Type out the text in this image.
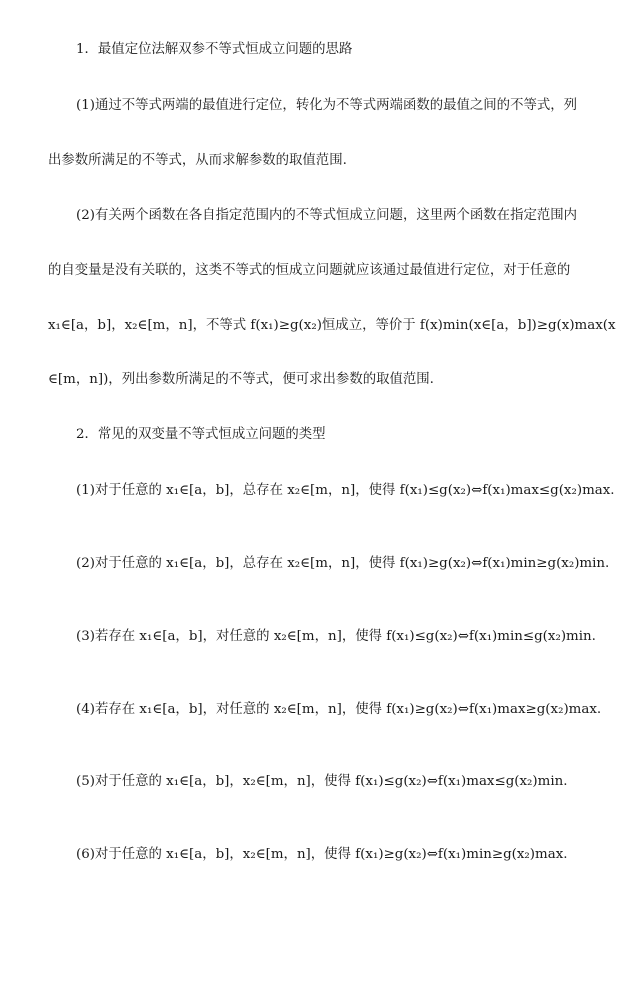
1．最值定位法解双参不等式恒成立问题的思路
(1)通过不等式两端的最值进行定位，转化为不等式两端函数的最值之间的不等式，列
出参数所满足的不等式，从而求解参数的取值范围.
(2)有关两个函数在各自指定范围内的不等式恒成立问题，这里两个函数在指定范围内
的自变量是没有关联的，这类不等式的恒成立问题就应该通过最值进行定位，对于任意的
x₁∈[a，b]，x₂∈[m，n]，不等式 f(x₁)≥g(x₂)恒成立，等价于 f(x)min(x∈[a，b])≥g(x)max(x
∈[m，n])，列出参数所满足的不等式，便可求出参数的取值范围.
2．常见的双变量不等式恒成立问题的类型
(1)对于任意的 x₁∈[a，b]，总存在 x₂∈[m，n]，使得 f(x₁)≤g(x₂)⇔f(x₁)max≤g(x₂)max.
(2)对于任意的 x₁∈[a，b]，总存在 x₂∈[m，n]，使得 f(x₁)≥g(x₂)⇔f(x₁)min≥g(x₂)min.
(3)若存在 x₁∈[a，b]，对任意的 x₂∈[m，n]，使得 f(x₁)≤g(x₂)⇔f(x₁)min≤g(x₂)min.
(4)若存在 x₁∈[a，b]，对任意的 x₂∈[m，n]，使得 f(x₁)≥g(x₂)⇔f(x₁)max≥g(x₂)max.
(5)对于任意的 x₁∈[a，b]，x₂∈[m，n]，使得 f(x₁)≤g(x₂)⇔f(x₁)max≤g(x₂)min.
(6)对于任意的 x₁∈[a，b]，x₂∈[m，n]，使得 f(x₁)≥g(x₂)⇔f(x₁)min≥g(x₂)max.
